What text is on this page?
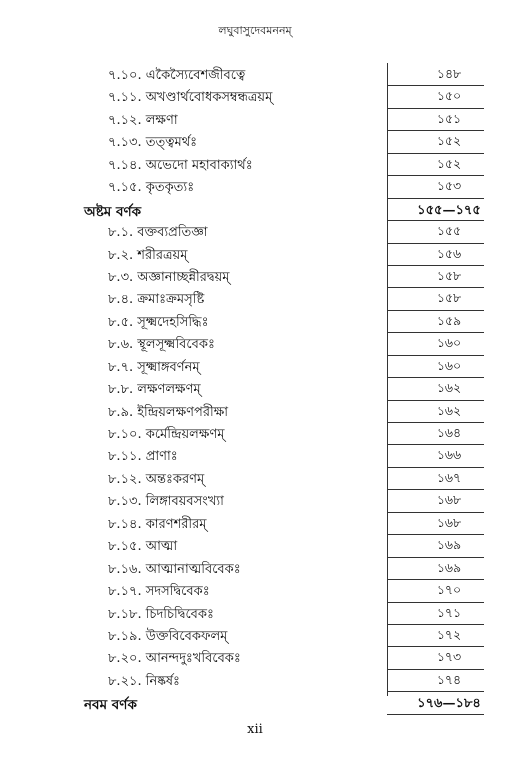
লঘুবাসুদেবমননম্
৭.১০. একৈস্যৈবেশজীবত্বে	১৪৮
৭.১১. অখণ্ডার্থবোধকসম্বন্ধত্রয়ম্	১৫০
৭.১২. লক্ষণা	১৫১
৭.১৩. তত্ত্বমর্থঃ	১৫২
৭.১৪. অভেদো মহাবাক্যার্থঃ	১৫২
৭.১৫. কৃতকৃত্যঃ	১৫৩
অষ্টম বর্ণক	১৫৫—১৭৫
৮.১. বক্তব্যপ্রতিজ্ঞা	১৫৫
৮.২. শরীরত্রয়ম্	১৫৬
৮.৩. অজ্ঞানাচ্ছন্নীরদ্বয়ম্	১৫৮
৮.৪. ক্রমাঃক্রমসৃষ্টি	১৫৮
৮.৫. সূক্ষ্মদেহসিদ্ধিঃ	১৫৯
৮.৬. স্থূলসূক্ষ্মবিবেকঃ	১৬০
৮.৭. সূক্ষ্মাঙ্গবর্ণনম্	১৬০
৮.৮. লক্ষণলক্ষণম্	১৬২
৮.৯. ইন্দ্রিয়লক্ষণপরীক্ষা	১৬২
৮.১০. কর্মেন্দ্রিয়লক্ষণম্	১৬৪
৮.১১. প্রাণাঃ	১৬৬
৮.১২. অন্তঃকরণম্	১৬৭
৮.১৩. লিঙ্গাবয়বসংখ্যা	১৬৮
৮.১৪. কারণশরীরম্	১৬৮
৮.১৫. আত্মা	১৬৯
৮.১৬. আত্মানাত্মবিবেকঃ	১৬৯
৮.১৭. সদসদ্বিবেকঃ	১৭০
৮.১৮. চিদচিদ্বিবেকঃ	১৭১
৮.১৯. উক্তবিবেকফলম্	১৭২
৮.২০. আনন্দদুঃখবিবেকঃ	১৭৩
৮.২১. নিষ্কর্ষঃ	১৭৪
নবম বর্ণক	১৭৬—১৮৪
xii
